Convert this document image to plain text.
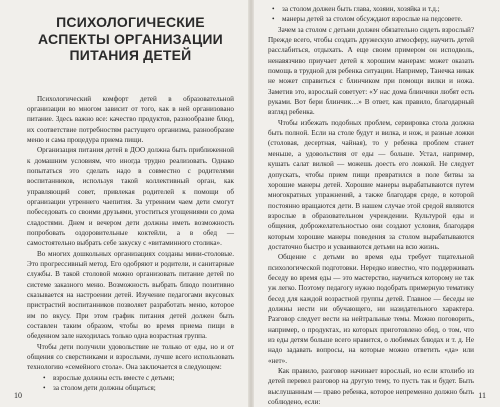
ПСИХОЛОГИЧЕСКИЕ
АСПЕКТЫ ОРГАНИЗАЦИИ
ПИТАНИЯ ДЕТЕЙ

Психологический комфорт детей в образовательной организации во многом зависит от того, как в ней организовано питание. Здесь важно все: качество продуктов, разнообразие блюд, их соответствие потребностям растущего организма, разнообразие меню и сама процедура приема пищи.

Организация питания детей в ДОО должна быть приближенной к домашним условиям, что иногда трудно реализовать. Однако попытаться это сделать надо в совместно с родителями воспитанников, используя такой коллективный орган, как управляющий совет, привлекая родителей к помощи об организации утреннего чаепития. За утренним чаем дети смогут побеседовать со своими друзьями, угоститься угощениями со дома сладостями. Днем и вечером дети должны иметь возможность попробовать оздоровительные коктейли, а в обед — самостоятельно выбрать себе закуску с «витаминного столика».

Во многих дошкольных организациях созданы мини-столовые. Это прогрессивный метод. Его одобряют и родители, и санитарные службы. В такой столовой можно организовать питание детей по системе заказного меню. Возможность выбрать блюдо позитивно сказывается на настроении детей. Изучение педагогами вкусовых пристрастий воспитанников позволяет разработать меню, которое им по вкусу. При этом график питания детей должен быть составлен таким образом, чтобы во время приема пищи в обеденном зале находилась только одна возрастная группа.

Чтобы дети получили удовольствие не только от еды, но и от общения со сверстниками и взрослыми, лучше всего использовать технологию «семейного стола». Она заключается в следующем:

• взрослые должны есть вместе с детьми;
• за столом дети должны общаться;
10
• за столом должен быть глава, хозяин, хозяйка и т.д.;
• манеры детей за столом обсуждают взрослые на педсовете.

Зачем за столом с детьми должен обязательно сидеть взрослый? Прежде всего, чтобы создать дружескую атмосферу, научить детей расслабиться, отдыхать. А еще своим примером он исподволь, ненавязчиво приучает детей к хорошим манерам: может оказать помощь в трудной для ребенка ситуации. Например, Танечка никак не может справиться с блинчиком при помощи вилки и ножа. Заметив это, взрослый советует: «У нас дома блинчики любят есть руками. Вот бери блинчик…» В ответ, как правило, благодарный взгляд ребенка.

Чтобы избежать подобных проблем, сервировка стола должна быть полной. Если на столе будут и вилка, и нож, и разные ложки (столовая, десертная, чайная), то у ребенка проблем станет меньше, а удовольствия от еды — больше. Устал, например, кушать салат вилкой — можешь доесть его ложкой. Не следует допускать, чтобы прием пищи превратился в поле битвы за хорошие манеры детей. Хорошие манеры вырабатываются путем многократных упражнений, а также благодаря среде, в которой постоянно вращаются дети. В нашем случае этой средой являются взрослые в образовательном учреждении. Культурой еды и общения, доброжелательностью они создают условия, благодаря которым хорошие манеры поведения за столом вырабатываются достаточно быстро и усваиваются детьми на всю жизнь.

Общение с детьми во время еды требует тщательной психологической подготовки. Нередко известно, что поддерживать беседу во время еды — это мастерство, научиться которому не так уж легко. Поэтому педагогу нужно подобрать примерную тематику бесед для каждой возрастной группы детей. Главное — беседы не должны нести ни обучающего, ни назидательного характера. Разговор следует вести на нейтральные темы. Можно поговорить, например, о продуктах, из которых приготовлено обед, о том, что из еды детям больше всего нравится, о любимых блюдах и т. д. Не надо задавать вопросы, на которые можно ответить «да» или «нет».

Как правило, разговор начинает взрослый, но если ктолибо из детей перевел разговор на другую тему, то пусть так и будет. Быть выслушанным — право ребенка, которое непременно должно быть соблюдено, если:

11
